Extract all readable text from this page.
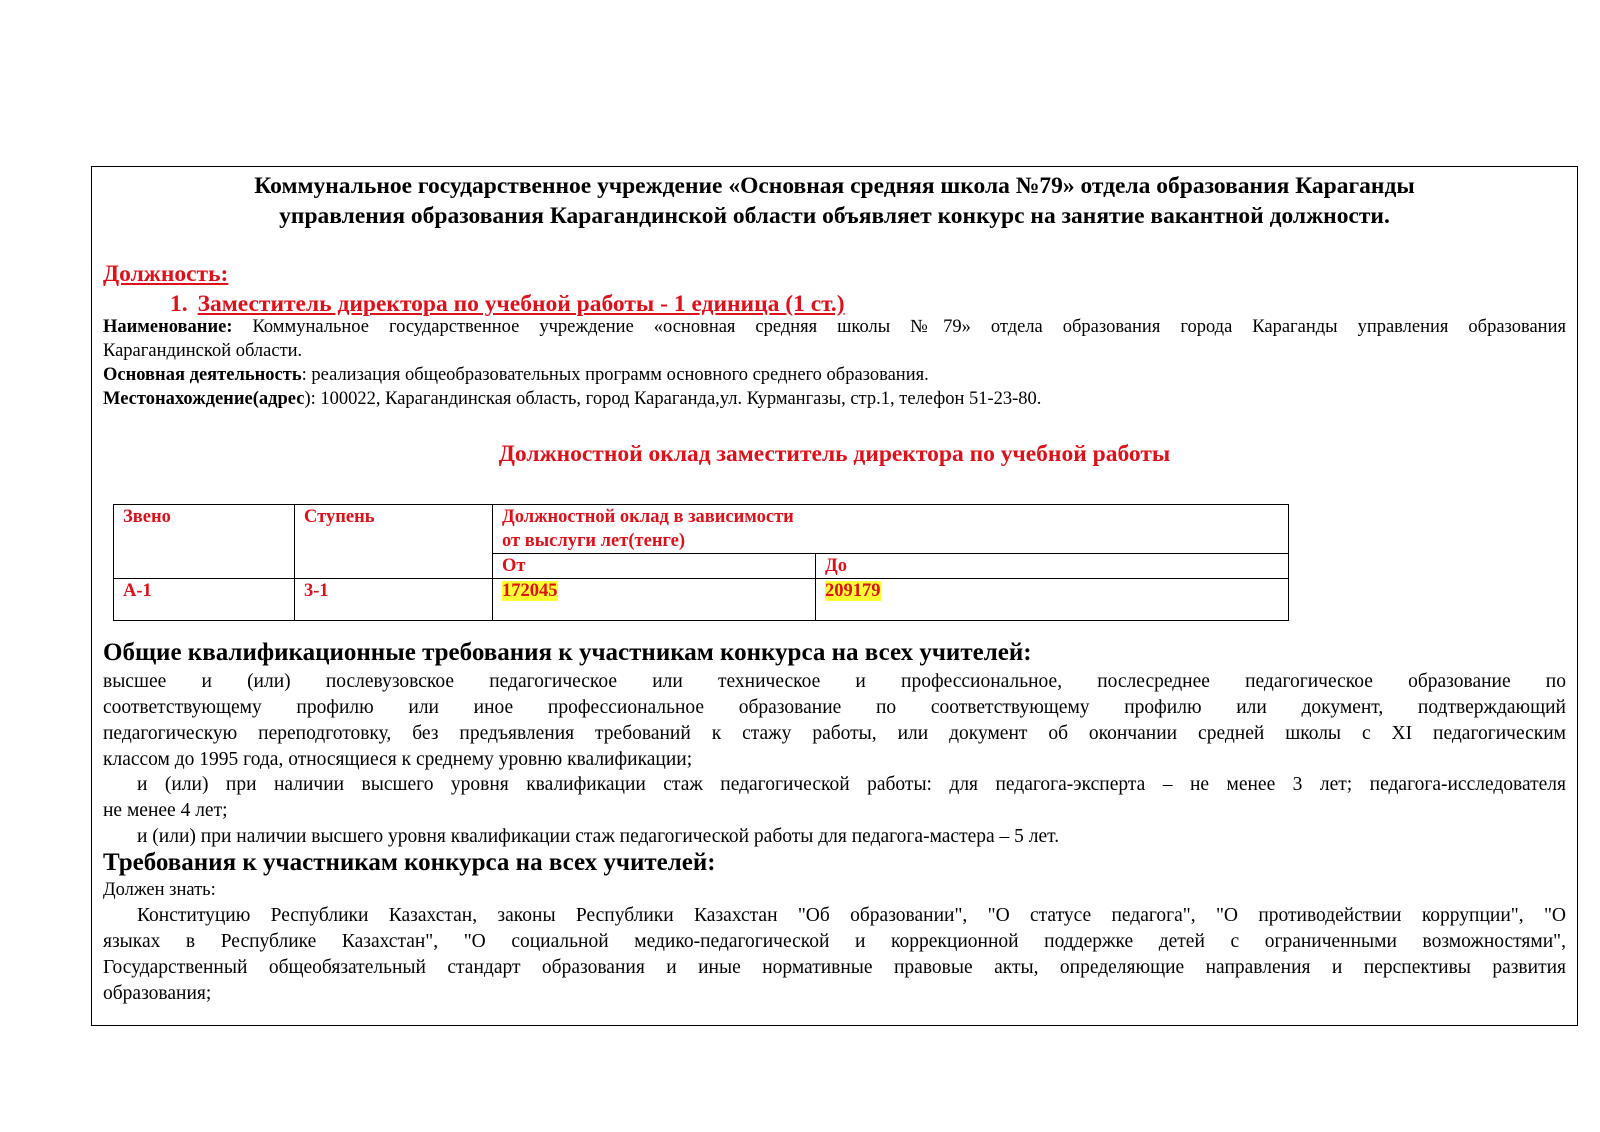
Коммунальное государственное учреждение «Основная средняя школа №79» отдела образования Караганды
управления образования Карагандинской области объявляет конкурс на занятие вакантной должности.
Должность:
1. Заместитель директора по учебной работы - 1 единица (1 ст.)
Наименование: Коммунальное государственное учреждение «основная средняя школы №79» отдела образования города Караганды управления образования
Карагандинской области.
Основная деятельность: реализация общеобразовательных программ основного среднего образования.
Местонахождение(адрес): 100022, Карагандинская область, город Караганда,ул. Курмангазы, стр.1, телефон 51-23-80.
Должностной оклад заместитель директора по учебной работы
Звено	Ступень	Должностной оклад в зависимости
от выслуги лет(тенге)	

		От	До
А-1	3-1	172045	209179
Общие квалификационные требования к участникам конкурса на всех учителей:
высшее и (или) послевузовское педагогическое или техническое и профессиональное, послесреднее педагогическое образование по
соответствующему профилю или иное профессиональное образование по соответствующему профилю или документ, подтверждающий
педагогическую переподготовку, без предъявления требований к стажу работы, или документ об окончании средней школы с XI педагогическим
классом до 1995 года, относящиеся к среднему уровню квалификации;
и (или) при наличии высшего уровня квалификации стаж педагогической работы: для педагога-эксперта – не менее 3 лет; педагога-исследователя
не менее 4 лет;
и (или) при наличии высшего уровня квалификации стаж педагогической работы для педагога-мастера – 5 лет.
Требования к участникам конкурса на всех учителей:
Должен знать:
Конституцию Республики Казахстан, законы Республики Казахстан "Об образовании", "О статусе педагога", "О противодействии коррупции", "О
языках в Республике Казахстан", "О социальной медико-педагогической и коррекционной поддержке детей с ограниченными возможностями",
Государственный общеобязательный стандарт образования и иные нормативные правовые акты, определяющие направления и перспективы развития
образования;
